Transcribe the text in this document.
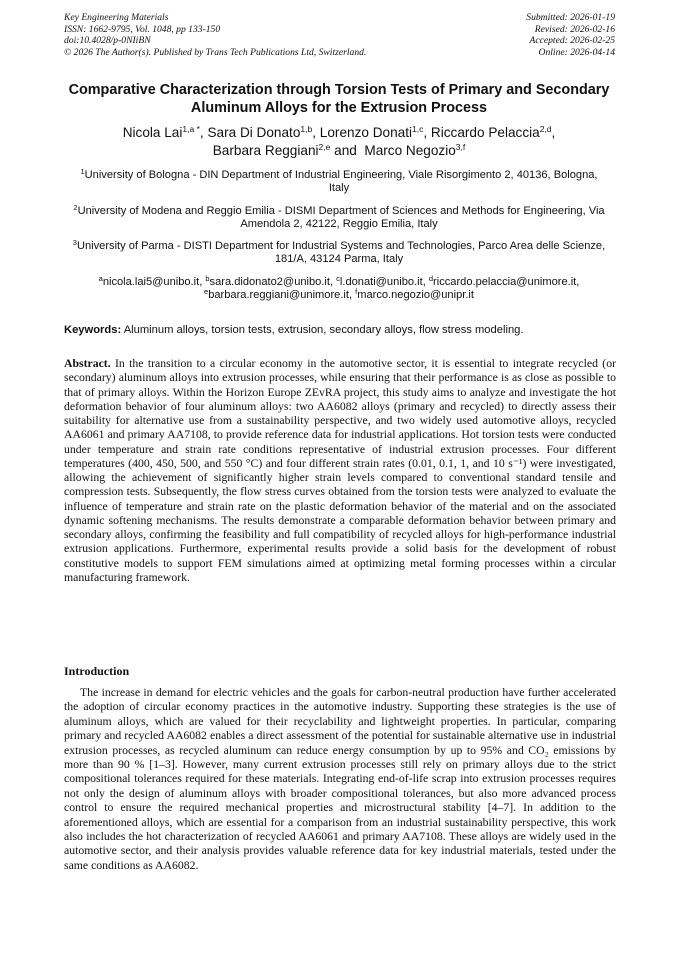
Key Engineering Materials
ISSN: 1662-9795, Vol. 1048, pp 133-150
doi:10.4028/p-0NIiBN
© 2026 The Author(s). Published by Trans Tech Publications Ltd, Switzerland.
Submitted: 2026-01-19
Revised: 2026-02-16
Accepted: 2026-02-25
Online: 2026-04-14
Comparative Characterization through Torsion Tests of Primary and Secondary Aluminum Alloys for the Extrusion Process
Nicola Lai$^{1,a *}$, Sara Di Donato$^{1,b}$, Lorenzo Donati$^{1,c}$, Riccardo Pelaccia$^{2,d}$,
Barbara Reggiani$^{2,e}$ and  Marco Negozio$^{3,f}$
$^1$University of Bologna - DIN Department of Industrial Engineering, Viale Risorgimento 2, 40136, Bologna, Italy
$^2$University of Modena and Reggio Emilia - DISMI Department of Sciences and Methods for Engineering, Via Amendola 2, 42122, Reggio Emilia, Italy
$^3$University of Parma - DISTI Department for Industrial Systems and Technologies, Parco Area delle Scienze, 181/A, 43124 Parma, Italy
$^a$nicola.lai5@unibo.it, $^b$sara.didonato2@unibo.it, $^c$l.donati@unibo.it, $^d$riccardo.pelaccia@unimore.it,
$^e$barbara.reggiani@unimore.it, $^f$marco.negozio@unipr.it
Keywords: Aluminum alloys, torsion tests, extrusion, secondary alloys, flow stress modeling.
Abstract. In the transition to a circular economy in the automotive sector, it is essential to integrate recycled (or secondary) aluminum alloys into extrusion processes, while ensuring that their performance is as close as possible to that of primary alloys. Within the Horizon Europe ZEvRA project, this study aims to analyze and investigate the hot deformation behavior of four aluminum alloys: two AA6082 alloys (primary and recycled) to directly assess their suitability for alternative use from a sustainability perspective, and two widely used automotive alloys, recycled AA6061 and primary AA7108, to provide reference data for industrial applications. Hot torsion tests were conducted under temperature and strain rate conditions representative of industrial extrusion processes. Four different temperatures (400, 450, 500, and 550 °C) and four different strain rates (0.01, 0.1, 1, and 10 s⁻¹) were investigated, allowing the achievement of significantly higher strain levels compared to conventional standard tensile and compression tests. Subsequently, the flow stress curves obtained from the torsion tests were analyzed to evaluate the influence of temperature and strain rate on the plastic deformation behavior of the material and on the associated dynamic softening mechanisms. The results demonstrate a comparable deformation behavior between primary and secondary alloys, confirming the feasibility and full compatibility of recycled alloys for high-performance industrial extrusion applications. Furthermore, experimental results provide a solid basis for the development of robust constitutive models to support FEM simulations aimed at optimizing metal forming processes within a circular manufacturing framework.
Introduction
The increase in demand for electric vehicles and the goals for carbon-neutral production have further accelerated the adoption of circular economy practices in the automotive industry. Supporting these strategies is the use of aluminum alloys, which are valued for their recyclability and lightweight properties. In particular, comparing primary and recycled AA6082 enables a direct assessment of the potential for sustainable alternative use in industrial extrusion processes, as recycled aluminum can reduce energy consumption by up to 95% and CO₂ emissions by more than 90 % [1–3]. However, many current extrusion processes still rely on primary alloys due to the strict compositional tolerances required for these materials. Integrating end-of-life scrap into extrusion processes requires not only the design of aluminum alloys with broader compositional tolerances, but also more advanced process control to ensure the required mechanical properties and microstructural stability [4–7]. In addition to the aforementioned alloys, which are essential for a comparison from an industrial sustainability perspective, this work also includes the hot characterization of recycled AA6061 and primary AA7108. These alloys are widely used in the automotive sector, and their analysis provides valuable reference data for key industrial materials, tested under the same conditions as AA6082.
